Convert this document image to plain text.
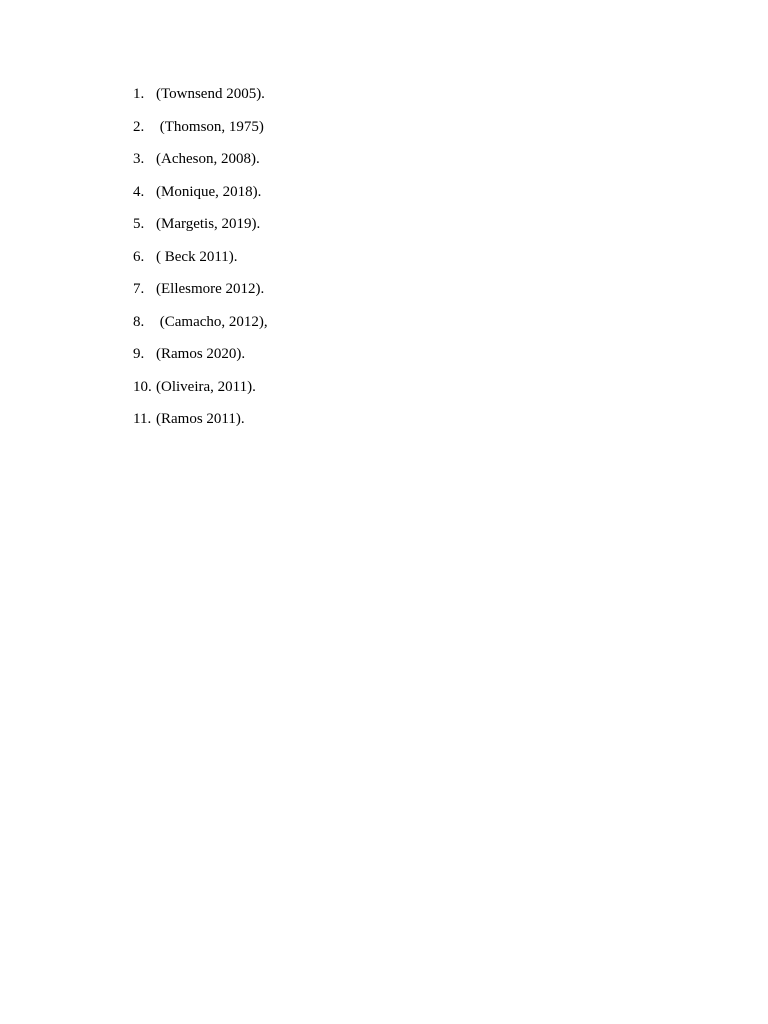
1. (Townsend 2005).
2. (Thomson, 1975)
3. (Acheson, 2008).
4. (Monique, 2018).
5. (Margetis, 2019).
6. ( Beck 2011).
7. (Ellesmore 2012).
8. (Camacho, 2012),
9. (Ramos 2020).
10. (Oliveira, 2011).
11. (Ramos 2011).
